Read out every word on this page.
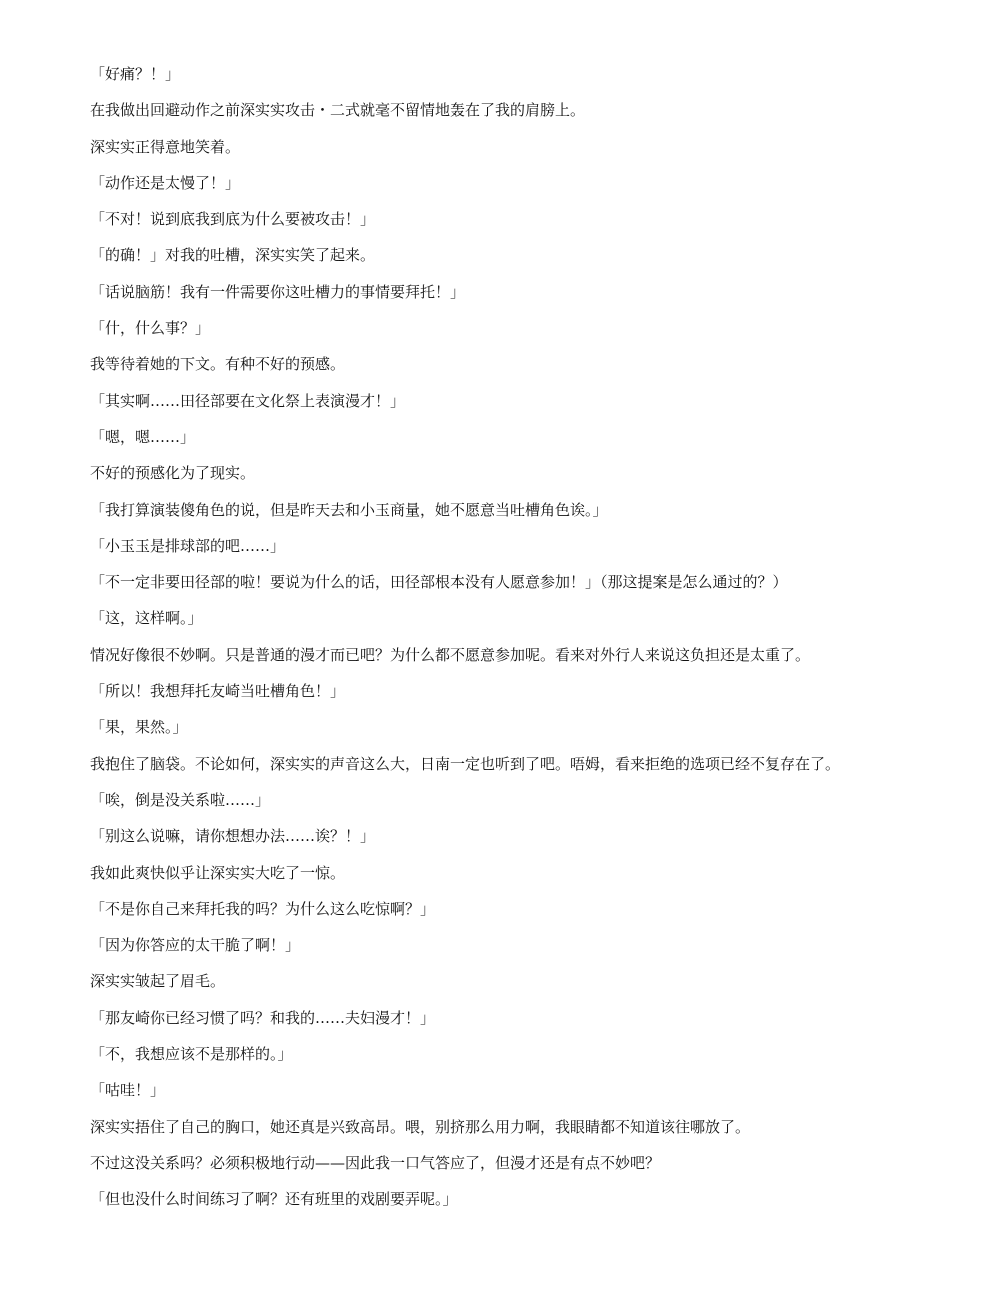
「好痛？！」

在我做出回避动作之前深实实攻击・二式就毫不留情地轰在了我的肩膀上。

深实实正得意地笑着。

「动作还是太慢了！」

「不对！说到底我到底为什么要被攻击！」

「的确！」对我的吐槽，深实实笑了起来。

「话说脑筋！我有一件需要你这吐槽力的事情要拜托！」

「什，什么事？」

我等待着她的下文。有种不好的预感。

「其实啊……田径部要在文化祭上表演漫才！」

「嗯，嗯……」

不好的预感化为了现实。

「我打算演装傻角色的说，但是昨天去和小玉商量，她不愿意当吐槽角色诶。」

「小玉玉是排球部的吧……」

「不一定非要田径部的啦！要说为什么的话，田径部根本没有人愿意参加！」（那这提案是怎么通过的？）

「这，这样啊。」

情况好像很不妙啊。只是普通的漫才而已吧？为什么都不愿意参加呢。看来对外行人来说这负担还是太重了。

「所以！我想拜托友崎当吐槽角色！」

「果，果然。」

我抱住了脑袋。不论如何，深实实的声音这么大，日南一定也听到了吧。唔姆，看来拒绝的选项已经不复存在了。

「唉，倒是没关系啦……」

「别这么说嘛，请你想想办法……诶？！」

我如此爽快似乎让深实实大吃了一惊。

「不是你自己来拜托我的吗？为什么这么吃惊啊？」

「因为你答应的太干脆了啊！」

深实实皱起了眉毛。

「那友崎你已经习惯了吗？和我的……夫妇漫才！」

「不，我想应该不是那样的。」

「咕哇！」

深实实捂住了自己的胸口，她还真是兴致高昂。喂，别挤那么用力啊，我眼睛都不知道该往哪放了。

不过这没关系吗？必须积极地行动——因此我一口气答应了，但漫才还是有点不妙吧？

「但也没什么时间练习了啊？还有班里的戏剧要弄呢。」
